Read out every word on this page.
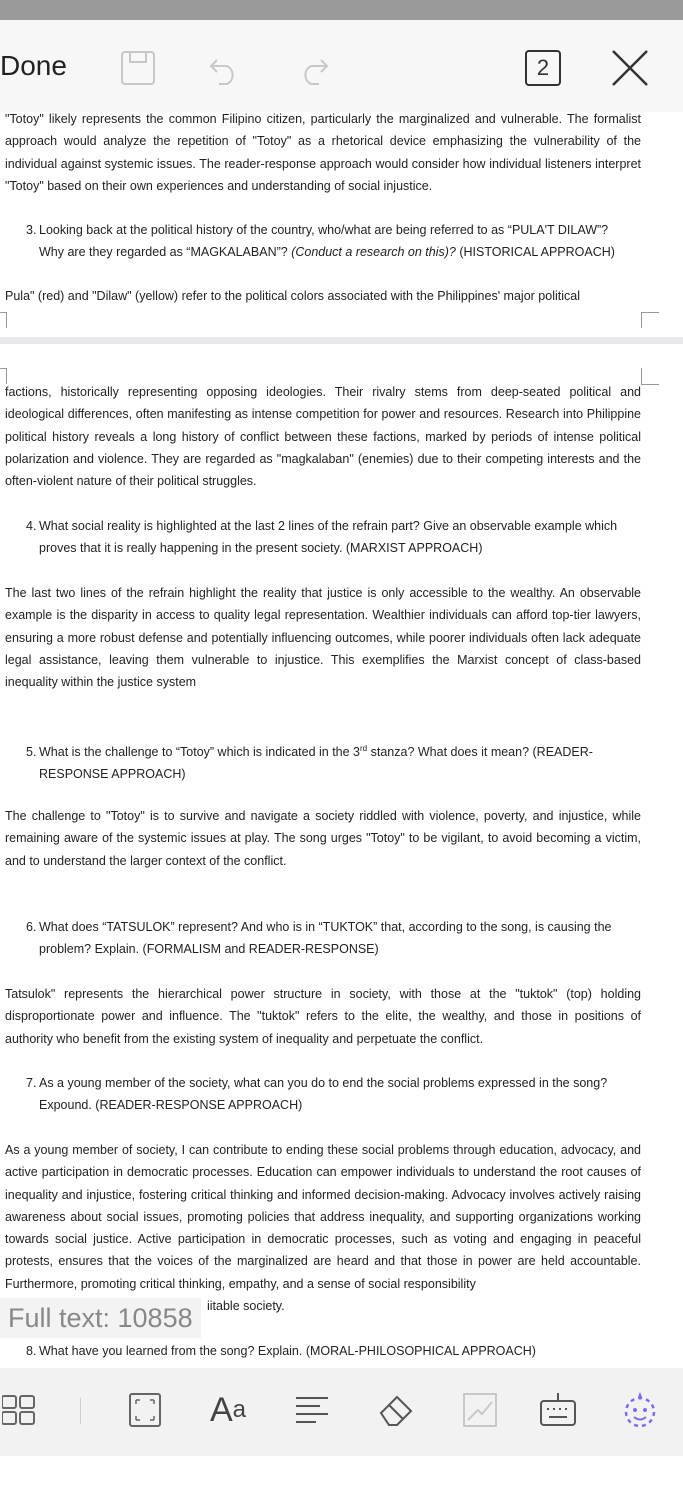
Done	2
"Totoy" likely represents the common Filipino citizen, particularly the marginalized and vulnerable. The formalist approach would analyze the repetition of "Totoy" as a rhetorical device emphasizing the vulnerability of the individual against systemic issues. The reader-response approach would consider how individual listeners interpret "Totoy" based on their own experiences and understanding of social injustice.
3. Looking back at the political history of the country, who/what are being referred to as “PULA'T DILAW”?
Why are they regarded as “MAGKALABAN”? (Conduct a research on this)? (HISTORICAL APPROACH)
Pula" (red) and "Dilaw" (yellow) refer to the political colors associated with the Philippines' major political
factions, historically representing opposing ideologies. Their rivalry stems from deep-seated political and ideological differences, often manifesting as intense competition for power and resources. Research into Philippine political history reveals a long history of conflict between these factions, marked by periods of intense political polarization and violence. They are regarded as "magkalaban" (enemies) due to their competing interests and the often-violent nature of their political struggles.
4. What social reality is highlighted at the last 2 lines of the refrain part? Give an observable example which
proves that it is really happening in the present society. (MARXIST APPROACH)
The last two lines of the refrain highlight the reality that justice is only accessible to the wealthy. An observable example is the disparity in access to quality legal representation. Wealthier individuals can afford top-tier lawyers, ensuring a more robust defense and potentially influencing outcomes, while poorer individuals often lack adequate legal assistance, leaving them vulnerable to injustice. This exemplifies the Marxist concept of class-based inequality within the justice system
5. What is the challenge to “Totoy” which is indicated in the 3rd stanza? What does it mean? (READER-
RESPONSE APPROACH)
The challenge to "Totoy" is to survive and navigate a society riddled with violence, poverty, and injustice, while remaining aware of the systemic issues at play. The song urges "Totoy" to be vigilant, to avoid becoming a victim, and to understand the larger context of the conflict.
6. What does “TATSULOK” represent? And who is in “TUKTOK” that, according to the song, is causing the
problem? Explain. (FORMALISM and READER-RESPONSE)
Tatsulok" represents the hierarchical power structure in society, with those at the "tuktok" (top) holding disproportionate power and influence. The "tuktok" refers to the elite, the wealthy, and those in positions of authority who benefit from the existing system of inequality and perpetuate the conflict.
7. As a young member of the society, what can you do to end the social problems expressed in the song?
Expound. (READER-RESPONSE APPROACH)
As a young member of society, I can contribute to ending these social problems through education, advocacy, and active participation in democratic processes. Education can empower individuals to understand the root causes of inequality and injustice, fostering critical thinking and informed decision-making. Advocacy involves actively raising awareness about social issues, promoting policies that address inequality, and supporting organizations working towards social justice. Active participation in democratic processes, such as voting and engaging in peaceful protests, ensures that the voices of the marginalized are heard and that those in power are held accountable. Furthermore, promoting critical thinking, empathy, and a sense of social responsibility
iitable society.
8. What have you learned from the song? Explain. (MORAL-PHILOSOPHICAL APPROACH)
Full text: 10858
A a
